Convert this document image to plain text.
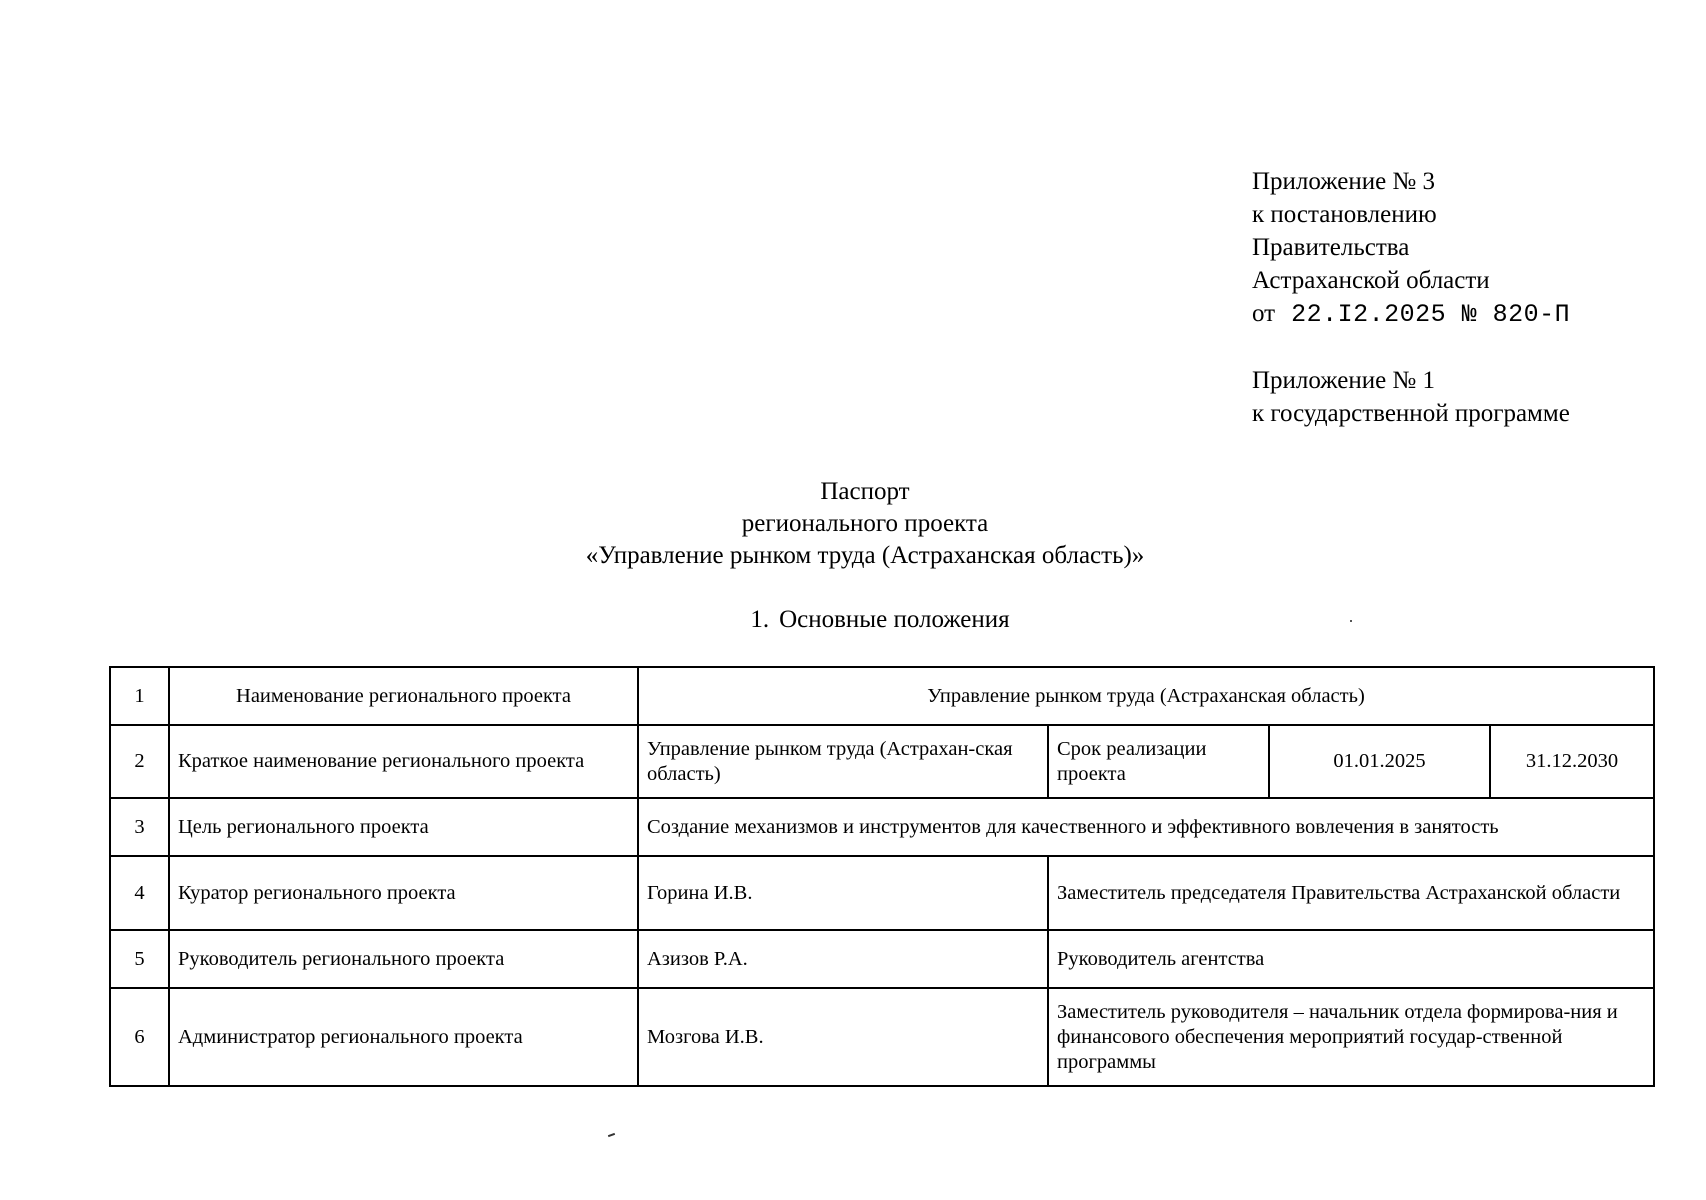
Приложение № 3
к постановлению
Правительства
Астраханской области
от 22.I2.2025 № 820-П
Приложение № 1
к государственной программе
Паспорт
регионального проекта
«Управление рынком труда (Астраханская область)»
1. Основные положения
1	Наименование регионального проекта	Управление рынком труда (Астраханская область)			
2	Краткое наименование регионального проекта	Управление рынком труда (Астрахан-ская область)	Срок реализации проекта	01.01.2025	31.12.2030
3	Цель регионального проекта	Создание механизмов и инструментов для качественного и эффективного вовлечения в занятость			
4	Куратор регионального проекта	Горина И.В.	Заместитель председателя Правительства Астраханской области		
5	Руководитель регионального проекта	Азизов Р.А.	Руководитель агентства		
6	Администратор регионального проекта	Мозгова И.В.	Заместитель руководителя – начальник отдела формирова-ния и финансового обеспечения мероприятий государ-ственной программы		
